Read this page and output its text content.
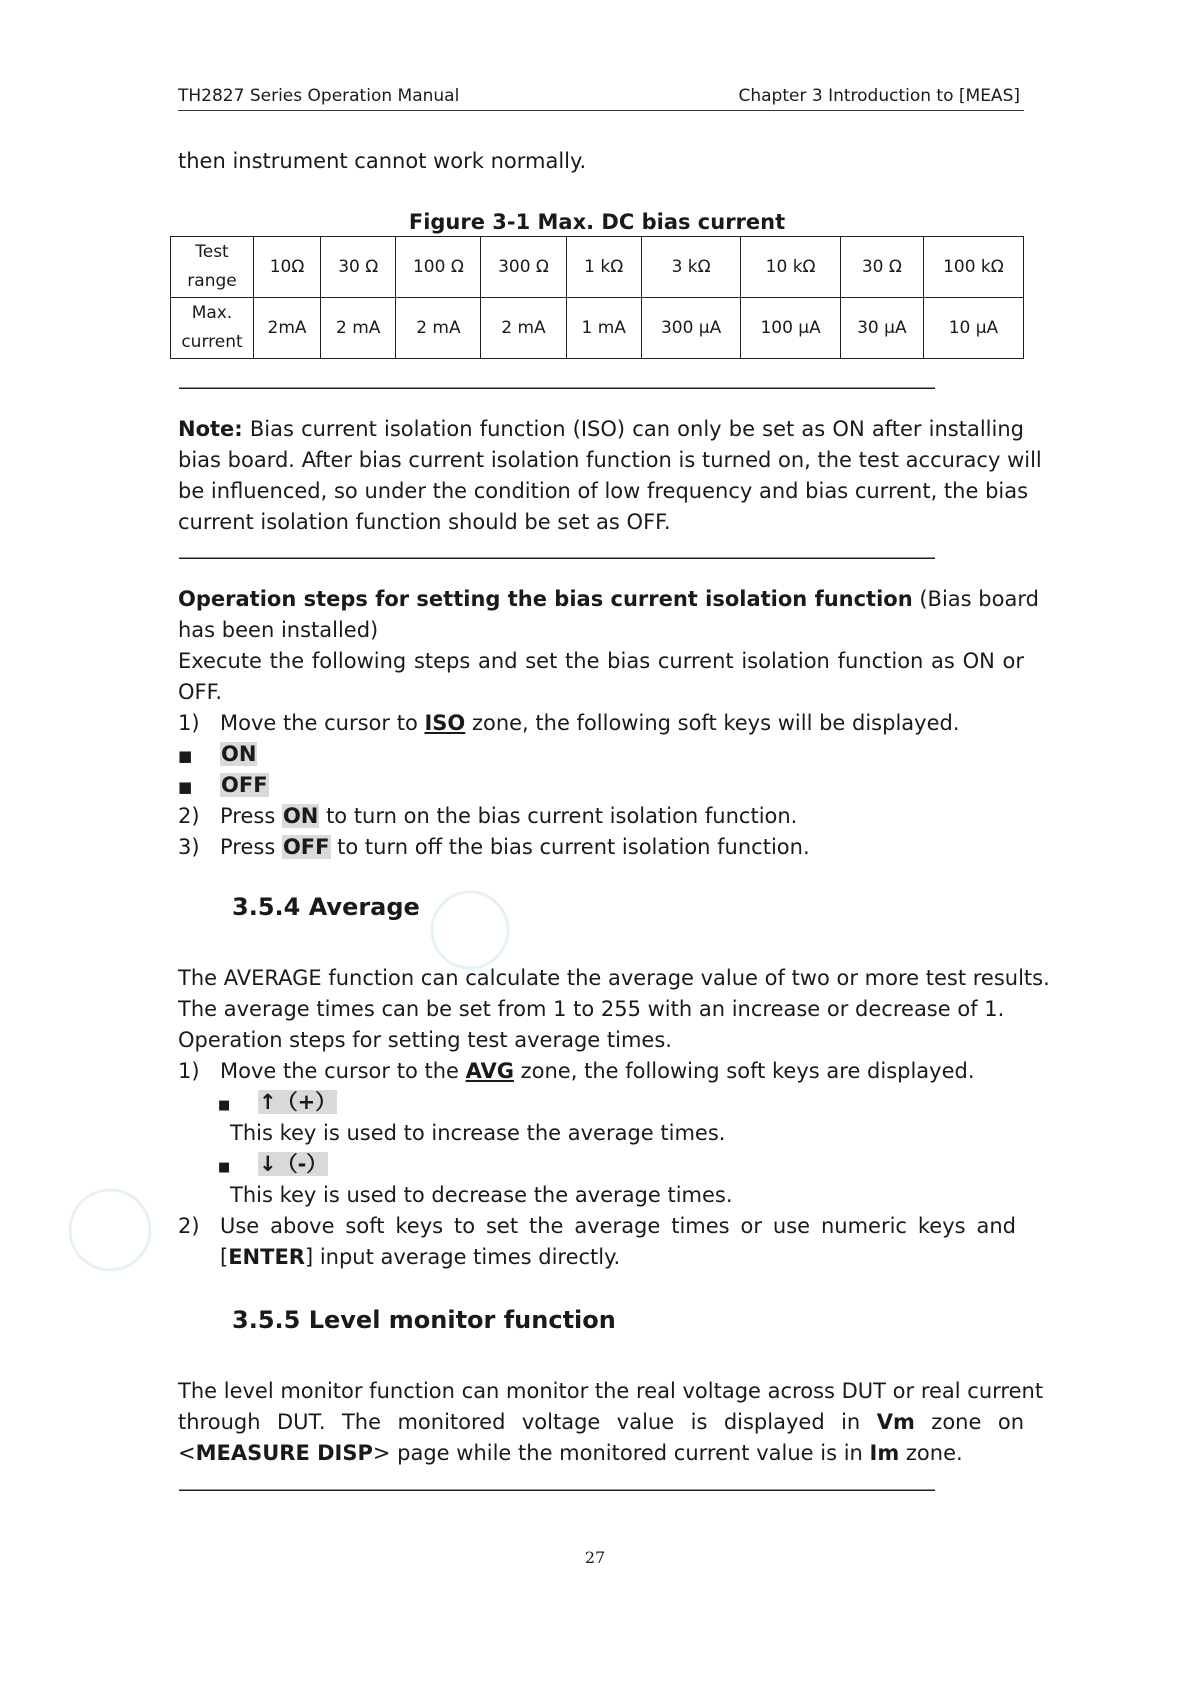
TH2827 Series Operation Manual	Chapter 3 Introduction to [MEAS]
then instrument cannot work normally.
Figure 3-1 Max. DC bias current
Test
range	10Ω	30 Ω	100 Ω	300 Ω	1 kΩ	3 kΩ	10 kΩ	30 Ω	100 kΩ
Max.
current	2mA	2 mA	2 mA	2 mA	1 mA	300 μA	100 μA	30 μA	10 μA
——————————————————————————————————————————
Note: Bias current isolation function (ISO) can only be set as ON after installing
bias board. After bias current isolation function is turned on, the test accuracy will
be influenced, so under the condition of low frequency and bias current, the bias
current isolation function should be set as OFF.
——————————————————————————————————————————
Operation steps for setting the bias current isolation function (Bias board
has been installed)
Execute the following steps and set the bias current isolation function as ON or
OFF.
1) Move the cursor to ISO zone, the following soft keys will be displayed.
■ ON
■ OFF
2) Press ON to turn on the bias current isolation function.
3) Press OFF to turn off the bias current isolation function.
3.5.4 Average
The AVERAGE function can calculate the average value of two or more test results.
The average times can be set from 1 to 255 with an increase or decrease of 1.
Operation steps for setting test average times.
1) Move the cursor to the AVG zone, the following soft keys are displayed.
■ ↑（+）
This key is used to increase the average times.
■ ↓（-）
This key is used to decrease the average times.
2) Use above soft keys to set the average times or use numeric keys and
[ENTER] input average times directly.
3.5.5 Level monitor function
The level monitor function can monitor the real voltage across DUT or real current
through DUT. The monitored voltage value is displayed in Vm zone on
<MEASURE DISP> page while the monitored current value is in Im zone.
——————————————————————————————————————————
27
